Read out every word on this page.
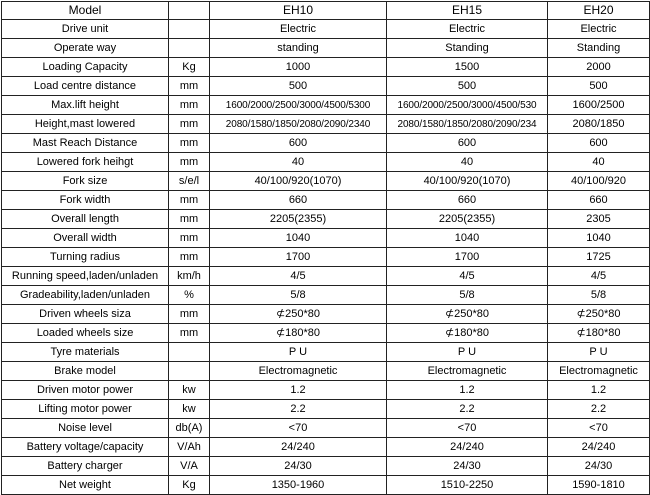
Model		EH10	EH15	EH20
Drive unit		Electric	Electric	Electric
Operate way		standing	Standing	Standing
Loading Capacity	Kg	1000	1500	2000
Load centre distance	mm	500	500	500
Max.lift height	mm	1600/2000/2500/3000/4500/5300	1600/2000/2500/3000/4500/530	1600/2500
Height,mast lowered	mm	2080/1580/1850/2080/2090/2340	2080/1580/1850/2080/2090/234	2080/1850
Mast Reach Distance	mm	600	600	600
Lowered fork heihgt	mm	40	40	40
Fork size	s/e/l	40/100/920(1070)	40/100/920(1070)	40/100/920
Fork width	mm	660	660	660
Overall length	mm	2205(2355)	2205(2355)	2305
Overall width	mm	1040	1040	1040
Turning radius	mm	1700	1700	1725
Running speed,laden/unladen	km/h	4/5	4/5	4/5
Gradeability,laden/unladen	%	5/8	5/8	5/8
Driven wheels siza	mm	⊄250*80	⊄250*80	⊄250*80
Loaded wheels size	mm	⊄180*80	⊄180*80	⊄180*80
Tyre materials		P U	P U	P U
Brake model		Electromagnetic	Electromagnetic	Electromagnetic
Driven motor power	kw	1.2	1.2	1.2
Lifting motor power	kw	2.2	2.2	2.2
Noise level	db(A)	<70	<70	<70
Battery voltage/capacity	V/Ah	24/240	24/240	24/240
Battery charger	V/A	24/30	24/30	24/30
Net weight	Kg	1350-1960	1510-2250	1590-1810
